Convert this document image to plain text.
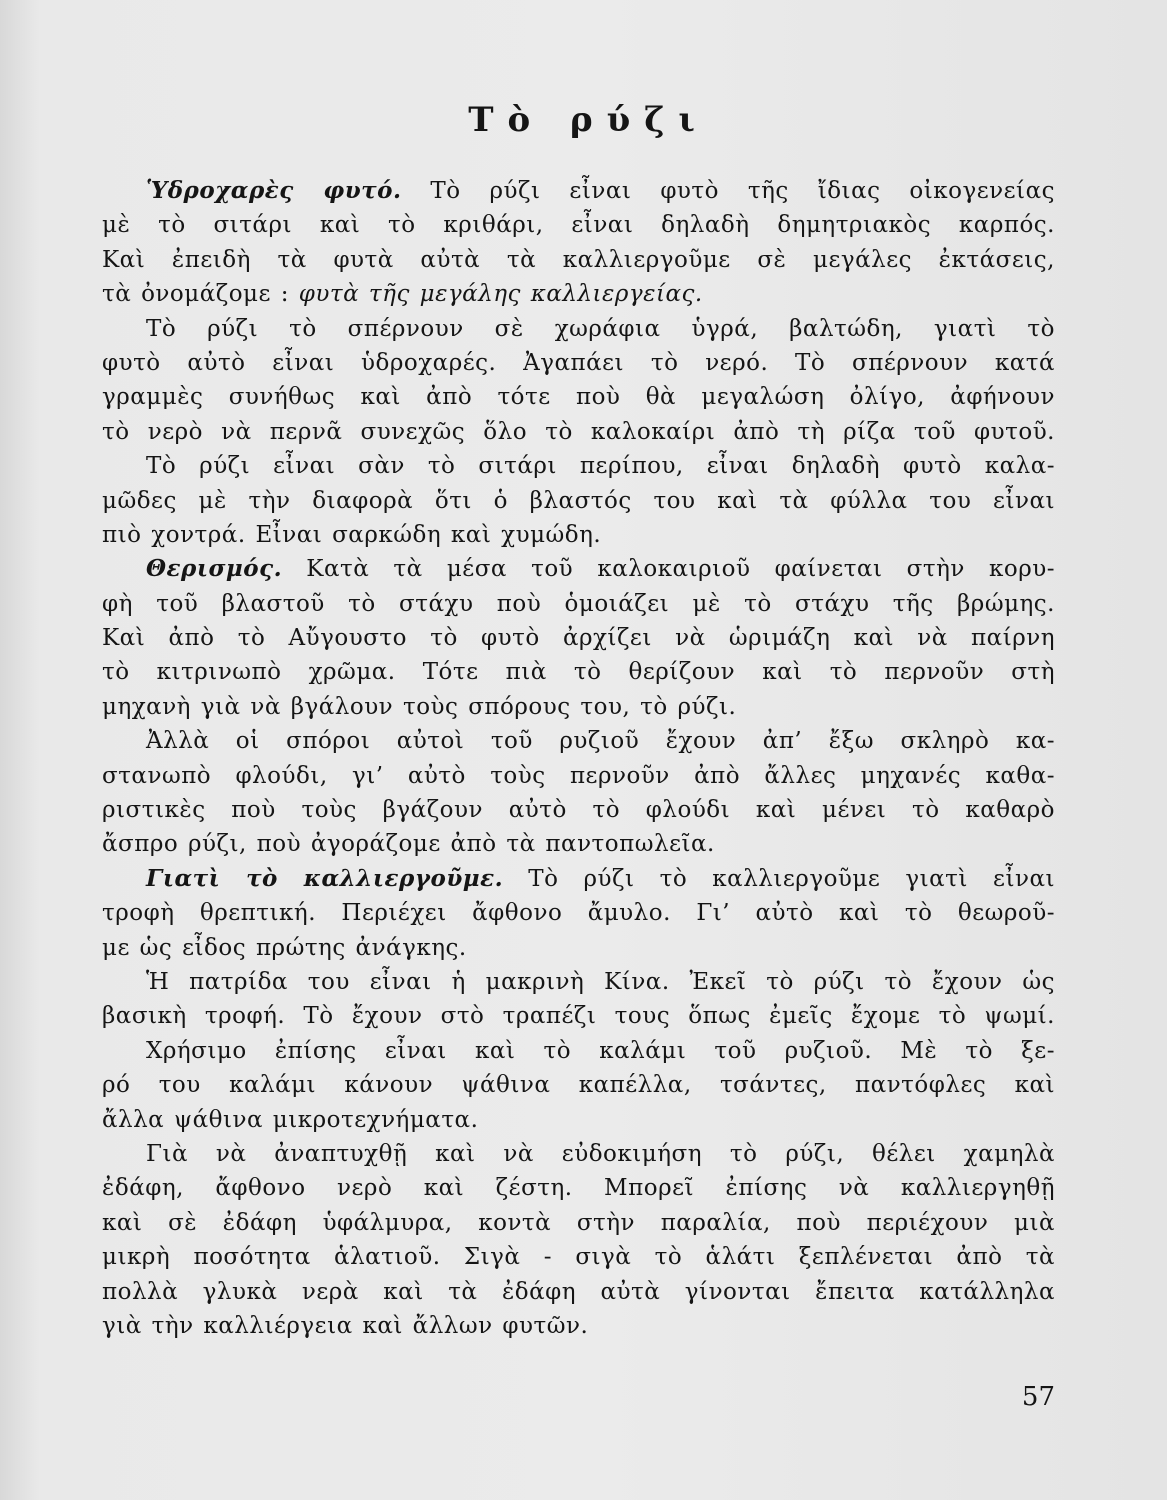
Τὸ ρύζι
Ὑδροχαρὲς φυτό. Τὸ ρύζι εἶναι φυτὸ τῆς ἴδιας οἰκογενείας
μὲ τὸ σιτάρι καὶ τὸ κριθάρι, εἶναι δηλαδὴ δημητριακὸς καρπός.
Καὶ ἐπειδὴ τὰ φυτὰ αὐτὰ τὰ καλλιεργοῦμε σὲ μεγάλες ἐκτάσεις,
τὰ ὀνομάζομε : φυτὰ τῆς μεγάλης καλλιεργείας.
Τὸ ρύζι τὸ σπέρνουν σὲ χωράφια ὑγρά, βαλτώδη, γιατὶ τὸ
φυτὸ αὐτὸ εἶναι ὑδροχαρές. Ἀγαπάει τὸ νερό. Τὸ σπέρνουν κατά
γραμμὲς συνήθως καὶ ἀπὸ τότε ποὺ θὰ μεγαλώση ὀλίγο, ἀφήνουν
τὸ νερὸ νὰ περνᾶ συνεχῶς ὅλο τὸ καλοκαίρι ἀπὸ τὴ ρίζα τοῦ φυτοῦ.
Τὸ ρύζι εἶναι σὰν τὸ σιτάρι περίπου, εἶναι δηλαδὴ φυτὸ καλα-
μῶδες μὲ τὴν διαφορὰ ὅτι ὁ βλαστός του καὶ τὰ φύλλα του εἶναι
πιὸ χοντρά. Εἶναι σαρκώδη καὶ χυμώδη.
Θερισμός. Κατὰ τὰ μέσα τοῦ καλοκαιριοῦ φαίνεται στὴν κορυ-
φὴ τοῦ βλαστοῦ τὸ στάχυ ποὺ ὁμοιάζει μὲ τὸ στάχυ τῆς βρώμης.
Καὶ ἀπὸ τὸ Αὔγουστο τὸ φυτὸ ἀρχίζει νὰ ὡριμάζη καὶ νὰ παίρνη
τὸ κιτρινωπὸ χρῶμα. Τότε πιὰ τὸ θερίζουν καὶ τὸ περνοῦν στὴ
μηχανὴ γιὰ νὰ βγάλουν τοὺς σπόρους του, τὸ ρύζι.
Ἀλλὰ οἱ σπόροι αὐτοὶ τοῦ ρυζιοῦ ἔχουν ἀπ’ ἔξω σκληρὸ κα-
στανωπὸ φλούδι, γι’ αὐτὸ τοὺς περνοῦν ἀπὸ ἄλλες μηχανές καθα-
ριστικὲς ποὺ τοὺς βγάζουν αὐτὸ τὸ φλούδι καὶ μένει τὸ καθαρὸ
ἄσπρο ρύζι, ποὺ ἀγοράζομε ἀπὸ τὰ παντοπωλεῖα.
Γιατὶ τὸ καλλιεργοῦμε. Τὸ ρύζι τὸ καλλιεργοῦμε γιατὶ εἶναι
τροφὴ θρεπτική. Περιέχει ἄφθονο ἄμυλο. Γι’ αὐτὸ καὶ τὸ θεωροῦ-
με ὡς εἶδος πρώτης ἀνάγκης.
Ἡ πατρίδα του εἶναι ἡ μακρινὴ Κίνα. Ἐκεῖ τὸ ρύζι τὸ ἔχουν ὡς
βασικὴ τροφή. Τὸ ἔχουν στὸ τραπέζι τους ὅπως ἐμεῖς ἔχομε τὸ ψωμί.
Χρήσιμο ἐπίσης εἶναι καὶ τὸ καλάμι τοῦ ρυζιοῦ. Μὲ τὸ ξε-
ρό του καλάμι κάνουν ψάθινα καπέλλα, τσάντες, παντόφλες καὶ
ἄλλα ψάθινα μικροτεχνήματα.
Γιὰ νὰ ἀναπτυχθῇ καὶ νὰ εὐδοκιμήση τὸ ρύζι, θέλει χαμηλὰ
ἐδάφη, ἄφθονο νερὸ καὶ ζέστη. Μπορεῖ ἐπίσης νὰ καλλιεργηθῇ
καὶ σὲ ἐδάφη ὑφάλμυρα, κοντὰ στὴν παραλία, ποὺ περιέχουν μιὰ
μικρὴ ποσότητα ἁλατιοῦ. Σιγὰ - σιγὰ τὸ ἁλάτι ξεπλένεται ἀπὸ τὰ
πολλὰ γλυκὰ νερὰ καὶ τὰ ἐδάφη αὐτὰ γίνονται ἔπειτα κατάλληλα
γιὰ τὴν καλλιέργεια καὶ ἄλλων φυτῶν.
57
